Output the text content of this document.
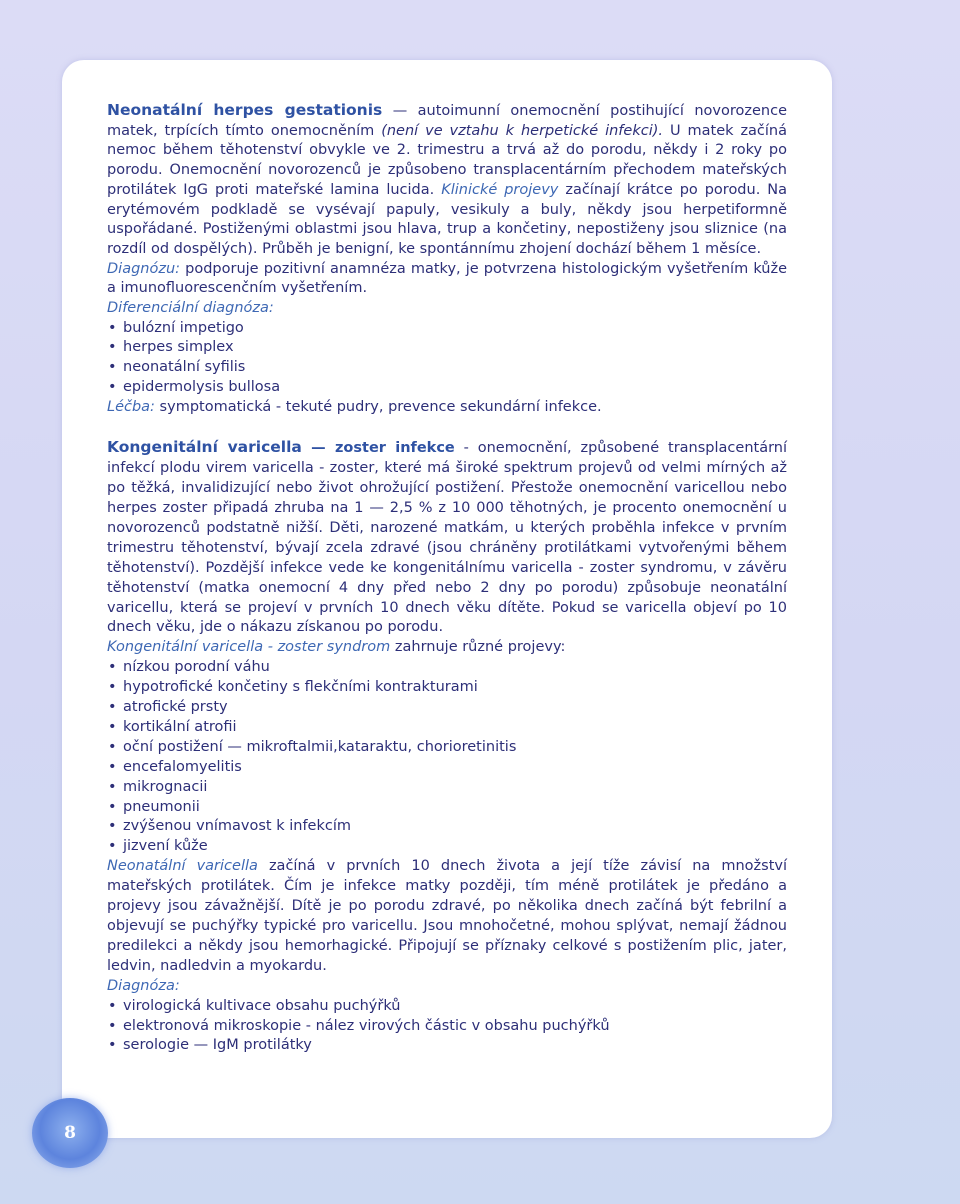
Neonatální herpes gestationis — autoimunní onemocnění postihující novorozence matek, trpících tímto onemocněním (není ve vztahu k herpetické infekci). U matek začíná nemoc během těhotenství obvykle ve 2. trimestru a trvá až do porodu, někdy i 2 roky po porodu. Onemocnění novorozenců je způsobeno transplacentárním přechodem mateřských protilátek IgG proti mateřské lamina lucida. Klinické projevy začínají krátce po porodu. Na erytémovém podkladě se vysévají papuly, vesikuly a buly, někdy jsou herpetiformně uspořádané. Postiženými oblastmi jsou hlava, trup a končetiny, nepostiženy jsou sliznice (na rozdíl od dospělých). Průběh je benigní, ke spontánnímu zhojení dochází během 1 měsíce.

Diagnózu: podporuje pozitivní anamnéza matky, je potvrzena histologickým vyšetřením kůže a imunofluorescenčním vyšetřením.

Diferenciální diagnóza:

• bulózní impetigo
• herpes simplex
• neonatální syfilis
• epidermolysis bullosa

Léčba: symptomatická - tekuté pudry, prevence sekundární infekce.

Kongenitální varicella — zoster infekce - onemocnění, způsobené transplacentární infekcí plodu virem varicella - zoster, které má široké spektrum projevů od velmi mírných až po těžká, invalidizující nebo život ohrožující postižení. Přestože onemocnění varicellou nebo herpes zoster připadá zhruba na 1 — 2,5 % z 10 000 těhotných, je procento onemocnění u novorozenců podstatně nižší. Děti, narozené matkám, u kterých proběhla infekce v prvním trimestru těhotenství, bývají zcela zdravé (jsou chráněny protilátkami vytvořenými během těhotenství). Pozdější infekce vede ke kongenitálnímu varicella - zoster syndromu, v závěru těhotenství (matka onemocní 4 dny před nebo 2 dny po porodu) způsobuje neonatální varicellu, která se projeví v prvních 10 dnech věku dítěte. Pokud se varicella objeví po 10 dnech věku, jde o nákazu získanou po porodu.

Kongenitální varicella - zoster syndrom zahrnuje různé projevy:

• nízkou porodní váhu
• hypotrofické končetiny s flekčními kontrakturami
• atrofické prsty
• kortikální atrofii
• oční postižení — mikroftalmii,kataraktu, chorioretinitis
• encefalomyelitis
• mikrognacii
• pneumonii
• zvýšenou vnímavost k infekcím
• jizvení kůže

Neonatální varicella začíná v prvních 10 dnech života a její tíže závisí na množství mateřských protilátek. Čím je infekce matky později, tím méně protilátek je předáno a projevy jsou závažnější. Dítě je po porodu zdravé, po několika dnech začíná být febrilní a objevují se puchýřky typické pro varicellu. Jsou mnohočetné, mohou splývat, nemají žádnou predilekci a někdy jsou hemorhagické. Připojují se příznaky celkové s postižením plic, jater, ledvin, nadledvin a myokardu.

Diagnóza:

• virologická kultivace obsahu puchýřků
• elektronová mikroskopie - nález virových částic v obsahu puchýřků
• serologie — IgM protilátky
8
